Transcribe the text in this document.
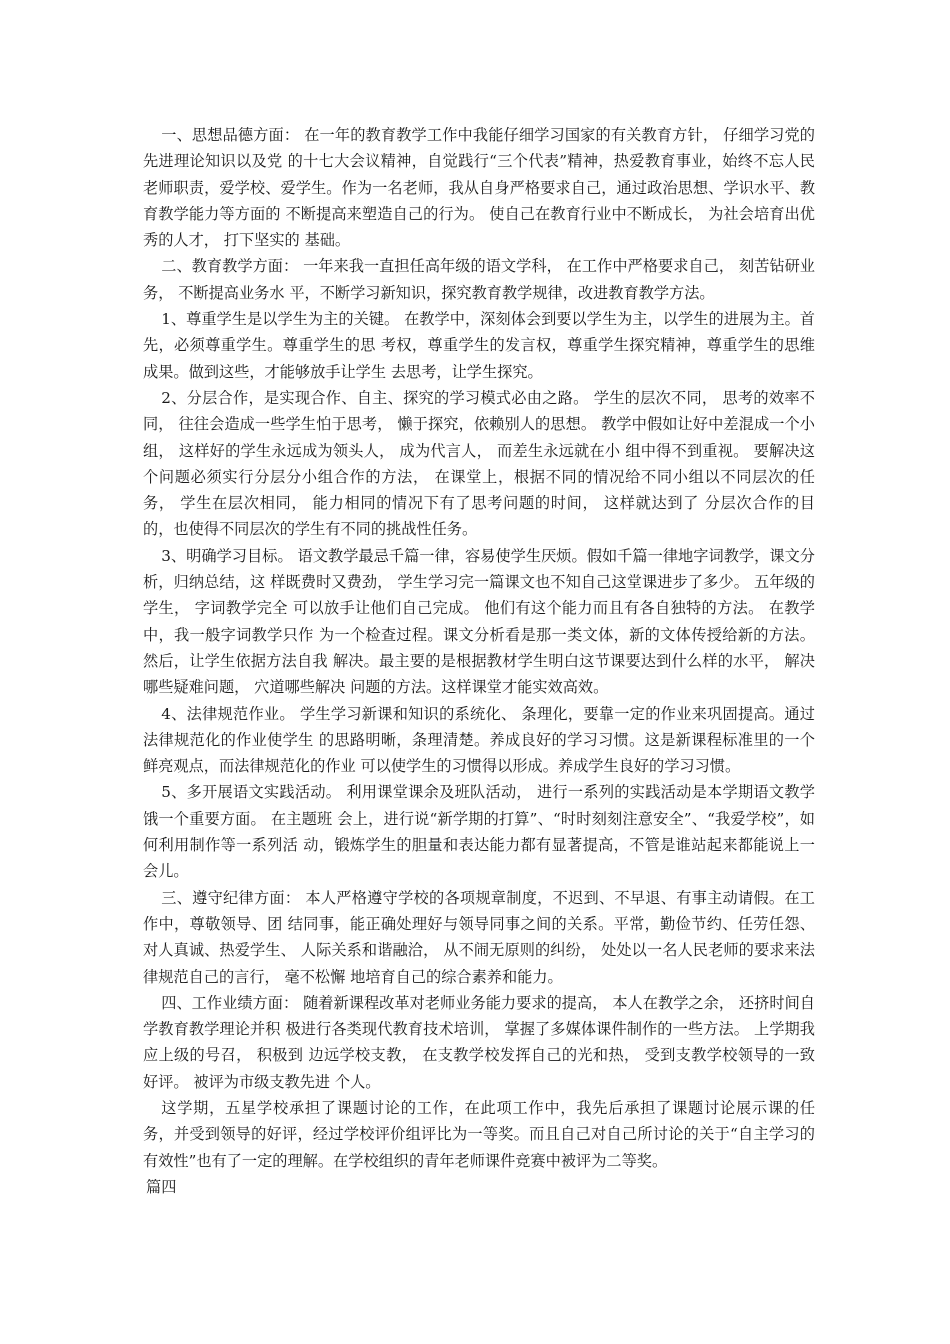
一、思想品德方面： 在一年的教育教学工作中我能仔细学习国家的有关教育方针， 仔细学习党的先进理论知识以及党 的十七大会议精神，自觉践行“三个代表”精神，热爱教育事业，始终不忘人民老师职责，爱学校、爱学生。作为一名老师，我从自身严格要求自己，通过政治思想、学识水平、教育教学能力等方面的 不断提高来塑造自己的行为。 使自己在教育行业中不断成长， 为社会培育出优秀的人才， 打下坚实的 基础。

二、教育教学方面： 一年来我一直担任高年级的语文学科， 在工作中严格要求自己， 刻苦钻研业务， 不断提高业务水 平，不断学习新知识，探究教育教学规律，改进教育教学方法。

1、尊重学生是以学生为主的关键。 在教学中，深刻体会到要以学生为主，以学生的进展为主。首先，必须尊重学生。尊重学生的思 考权，尊重学生的发言权，尊重学生探究精神，尊重学生的思维成果。做到这些，才能够放手让学生 去思考，让学生探究。

2、分层合作，是实现合作、自主、探究的学习模式必由之路。 学生的层次不同， 思考的效率不同， 往往会造成一些学生怕于思考， 懒于探究，依赖别人的思想。 教学中假如让好中差混成一个小组， 这样好的学生永远成为领头人， 成为代言人， 而差生永远就在小 组中得不到重视。 要解决这个问题必须实行分层分小组合作的方法， 在课堂上，根据不同的情况给不同小组以不同层次的任务， 学生在层次相同， 能力相同的情况下有了思考问题的时间， 这样就达到了 分层次合作的目的，也使得不同层次的学生有不同的挑战性任务。

3、明确学习目标。 语文教学最忌千篇一律，容易使学生厌烦。假如千篇一律地字词教学，课文分析，归纳总结，这 样既费时又费劲， 学生学习完一篇课文也不知自己这堂课进步了多少。 五年级的学生， 字词教学完全 可以放手让他们自己完成。 他们有这个能力而且有各自独特的方法。 在教学中，我一般字词教学只作 为一个检查过程。课文分析看是那一类文体，新的文体传授给新的方法。然后，让学生依据方法自我 解决。最主要的是根据教材学生明白这节课要达到什么样的水平， 解决哪些疑难问题， 穴道哪些解决 问题的方法。这样课堂才能实效高效。

4、法律规范作业。 学生学习新课和知识的系统化、 条理化，要靠一定的作业来巩固提高。通过法律规范化的作业使学生 的思路明晰，条理清楚。养成良好的学习习惯。这是新课程标准里的一个鲜亮观点，而法律规范化的作业 可以使学生的习惯得以形成。养成学生良好的学习习惯。

5、多开展语文实践活动。 利用课堂课余及班队活动， 进行一系列的实践活动是本学期语文教学饿一个重要方面。 在主题班 会上，进行说“新学期的打算”、“时时刻刻注意安全”、“我爱学校”，如何利用制作等一系列活 动，锻炼学生的胆量和表达能力都有显著提高，不管是谁站起来都能说上一会儿。

三、遵守纪律方面： 本人严格遵守学校的各项规章制度，不迟到、不早退、有事主动请假。在工作中，尊敬领导、团 结同事，能正确处理好与领导同事之间的关系。平常，勤俭节约、任劳任怨、对人真诚、热爱学生、 人际关系和谐融洽， 从不闹无原则的纠纷， 处处以一名人民老师的要求来法律规范自己的言行， 毫不松懈 地培育自己的综合素养和能力。

四、工作业绩方面： 随着新课程改革对老师业务能力要求的提高， 本人在教学之余， 还挤时间自学教育教学理论并积 极进行各类现代教育技术培训， 掌握了多媒体课件制作的一些方法。 上学期我应上级的号召， 积极到 边远学校支教， 在支教学校发挥自己的光和热， 受到支教学校领导的一致好评。 被评为市级支教先进 个人。

这学期，五星学校承担了课题讨论的工作，在此项工作中，我先后承担了课题讨论展示课的任 务，并受到领导的好评，经过学校评价组评比为一等奖。而且自己对自己所讨论的关于“自主学习的 有效性”也有了一定的理解。在学校组织的青年老师课件竞赛中被评为二等奖。

篇四
